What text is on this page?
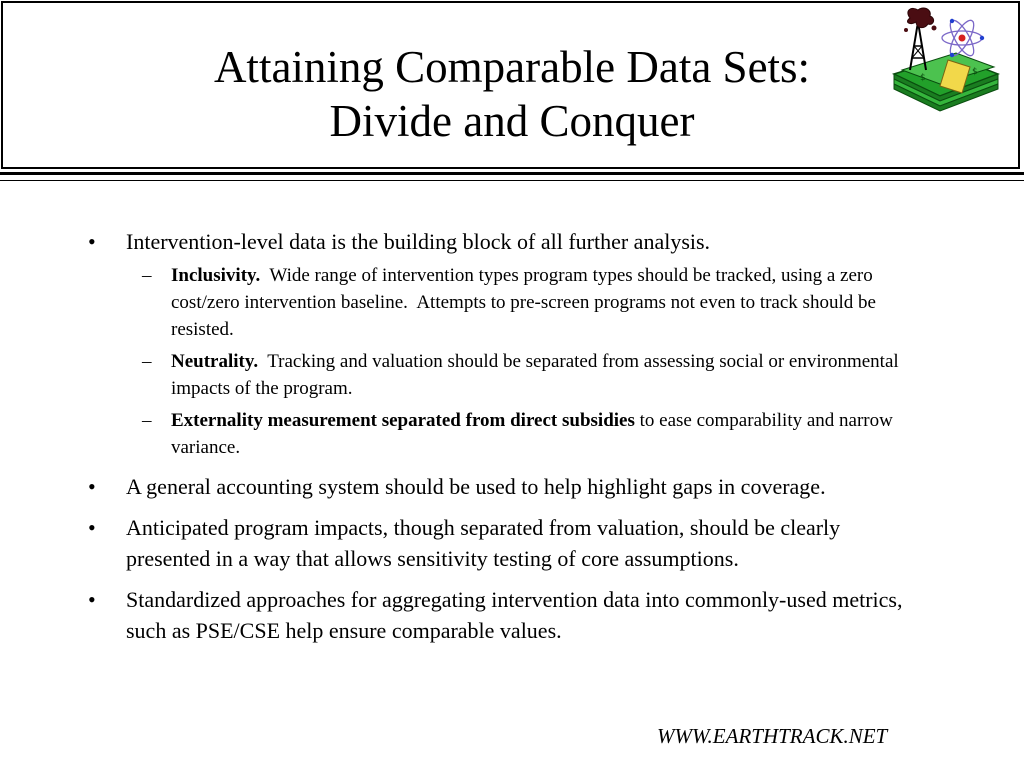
Attaining Comparable Data Sets:
Divide and Conquer
$
$
• Intervention-level data is the building block of all further analysis.
– Inclusivity.  Wide range of intervention types program types should be tracked, using a zero cost/zero intervention baseline.  Attempts to pre-screen programs not even to track should be resisted.
– Neutrality.  Tracking and valuation should be separated from assessing social or environmental impacts of the program.
– Externality measurement separated from direct subsidies to ease comparability and narrow variance.
• A general accounting system should be used to help highlight gaps in coverage.
• Anticipated program impacts, though separated from valuation, should be clearly presented in a way that allows sensitivity testing of core assumptions.
• Standardized approaches for aggregating intervention data into commonly-used metrics, such as PSE/CSE help ensure comparable values.
WWW.EARTHTRACK.NET
